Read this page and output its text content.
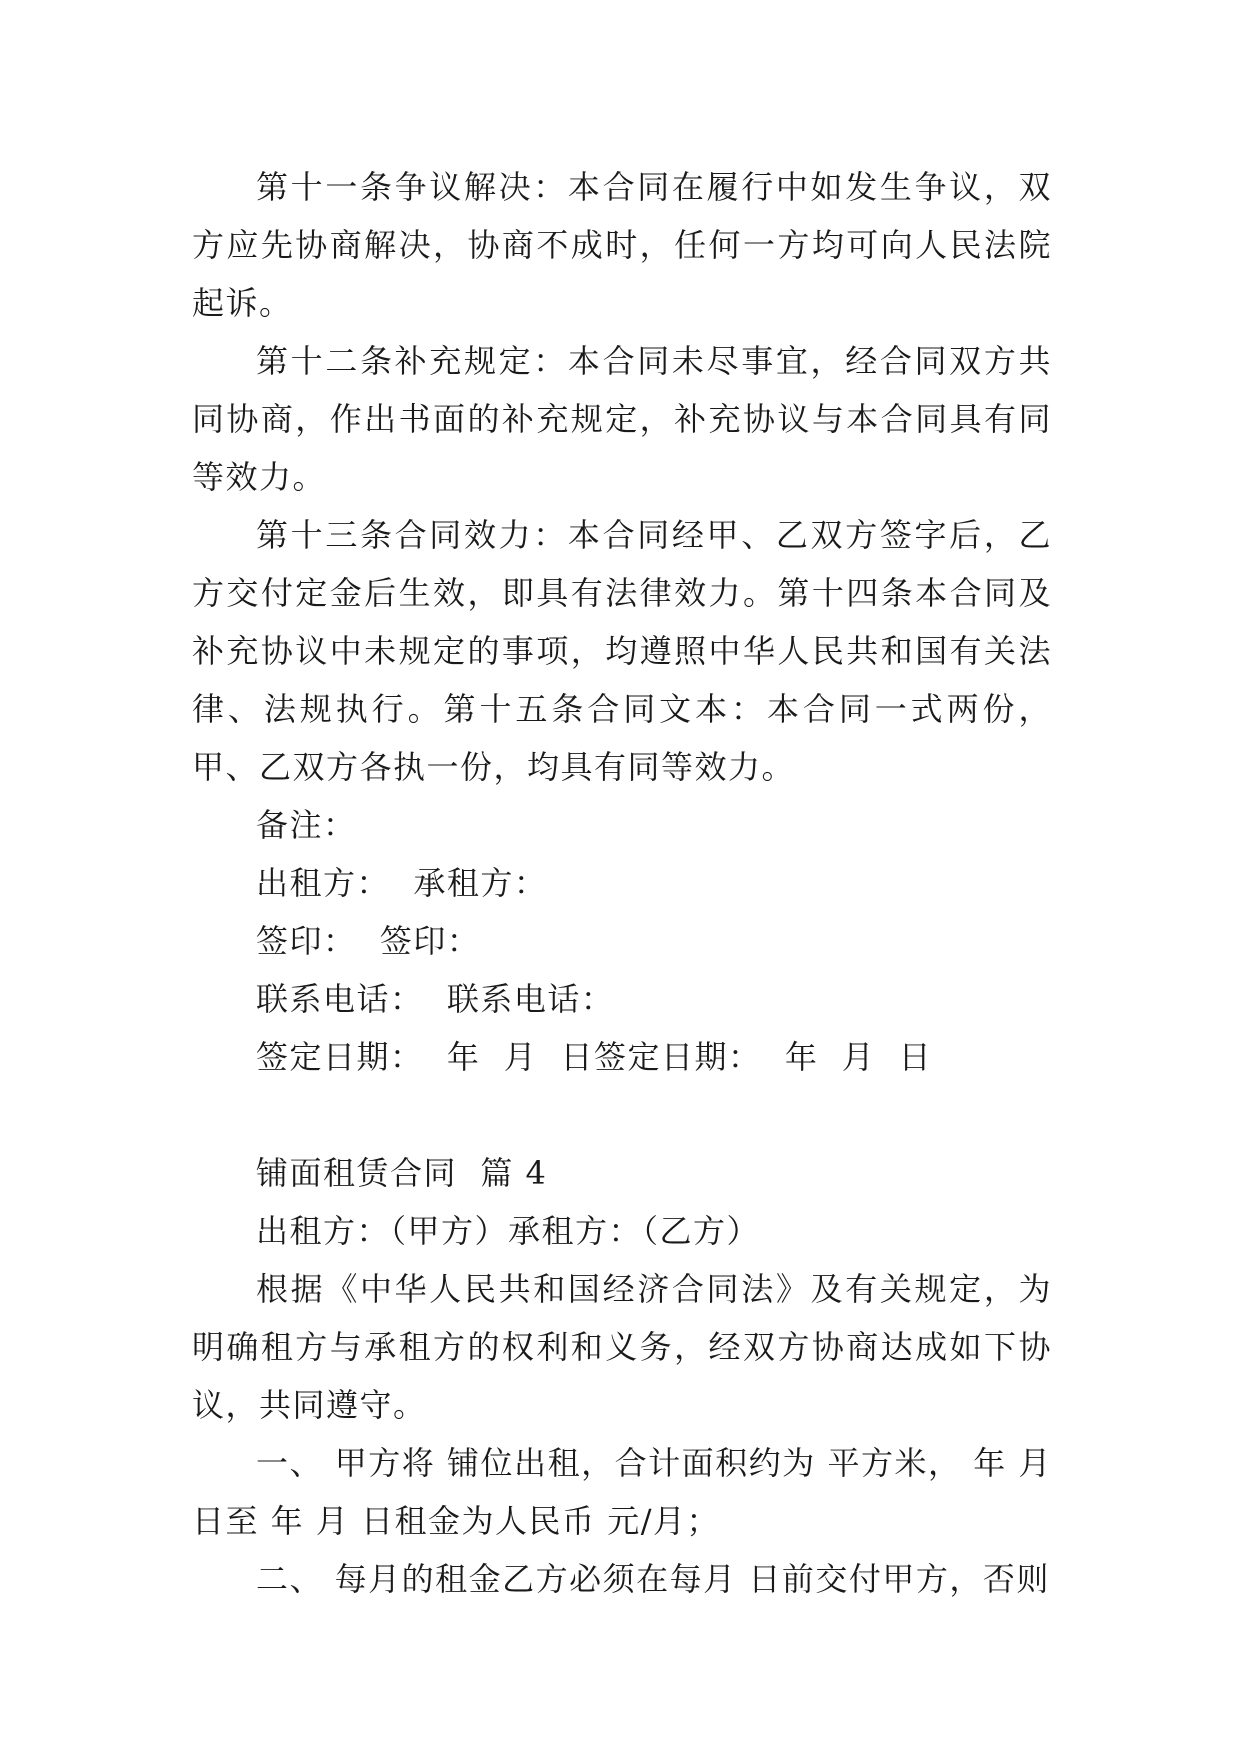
第十一条争议解决：本合同在履行中如发生争议，双方应先协商解决，协商不成时，任何一方均可向人民法院起诉。

第十二条补充规定：本合同未尽事宜，经合同双方共同协商，作出书面的补充规定，补充协议与本合同具有同等效力。

第十三条合同效力：本合同经甲、乙双方签字后，乙方交付定金后生效，即具有法律效力。第十四条本合同及补充协议中未规定的事项，均遵照中华人民共和国有关法律、法规执行。第十五条合同文本：本合同一式两份，甲、乙双方各执一份，均具有同等效力。

备注：

出租方：  承租方：

签印：  签印：

联系电话：  联系电话：

签定日期：  年  月  日签定日期：  年  月  日

铺面租赁合同  篇 4

出租方：（甲方）承租方：（乙方）

根据《中华人民共和国经济合同法》及有关规定，为明确租方与承租方的权利和义务，经双方协商达成如下协议，共同遵守。

一、 甲方将 铺位出租，合计面积约为 平方米， 年 月 日至 年 月 日租金为人民币 元/月；

二、 每月的租金乙方必须在每月 日前交付甲方，否则
